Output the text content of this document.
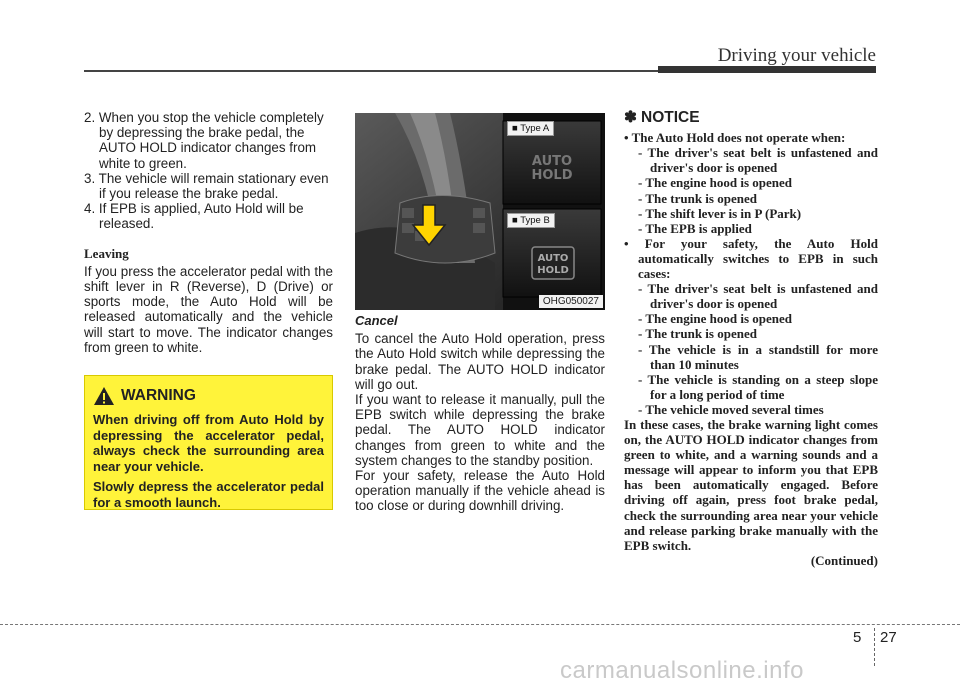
Driving your vehicle

2. When you stop the vehicle completely by depressing the brake pedal, the AUTO HOLD indicator changes from white to green.

3. The vehicle will remain stationary even if you release the brake pedal.

4. If EPB is applied, Auto Hold will be released.

Leaving

If you press the accelerator pedal with the shift lever in R (Reverse), D (Drive) or sports mode, the Auto Hold will be released automatically and the vehicle will start to move. The indicator changes from green to white.

WARNING

When driving off from Auto Hold by depressing the accelerator pedal, always check the surrounding area near your vehicle.

Slowly depress the accelerator pedal for a smooth launch.

AUTO
HOLD
AUTO
HOLD
■ Type A
■ Type B
OHG050027
Cancel

To cancel the Auto Hold operation, press the Auto Hold switch while depressing the brake pedal. The AUTO HOLD indicator will go out.

If you want to release it manually, pull the EPB switch while depressing the brake pedal. The AUTO HOLD indicator changes from green to white and the system changes to the standby position.

For your safety, release the Auto Hold operation manually if the vehicle ahead is too close or during downhill driving.

✽ NOTICE

• The Auto Hold does not operate when:

- The driver's seat belt is unfastened and driver's door is opened

- The engine hood is opened

- The trunk is opened

- The shift lever is in P (Park)

- The EPB is applied

• For your safety, the Auto Hold automatically switches to EPB in such cases:

- The driver's seat belt is unfastened and driver's door is opened

- The engine hood is opened

- The trunk is opened

- The vehicle is in a standstill for more than 10 minutes

- The vehicle is standing on a steep slope for a long period of time

- The vehicle moved several times

In these cases, the brake warning light comes on, the AUTO HOLD indicator changes from green to white, and a warning sounds and a message will appear to inform you that EPB has been automatically engaged. Before driving off again, press foot brake pedal, check the surrounding area near your vehicle and release parking brake manually with the EPB switch.

(Continued)

5 27
carmanualsonline.info
